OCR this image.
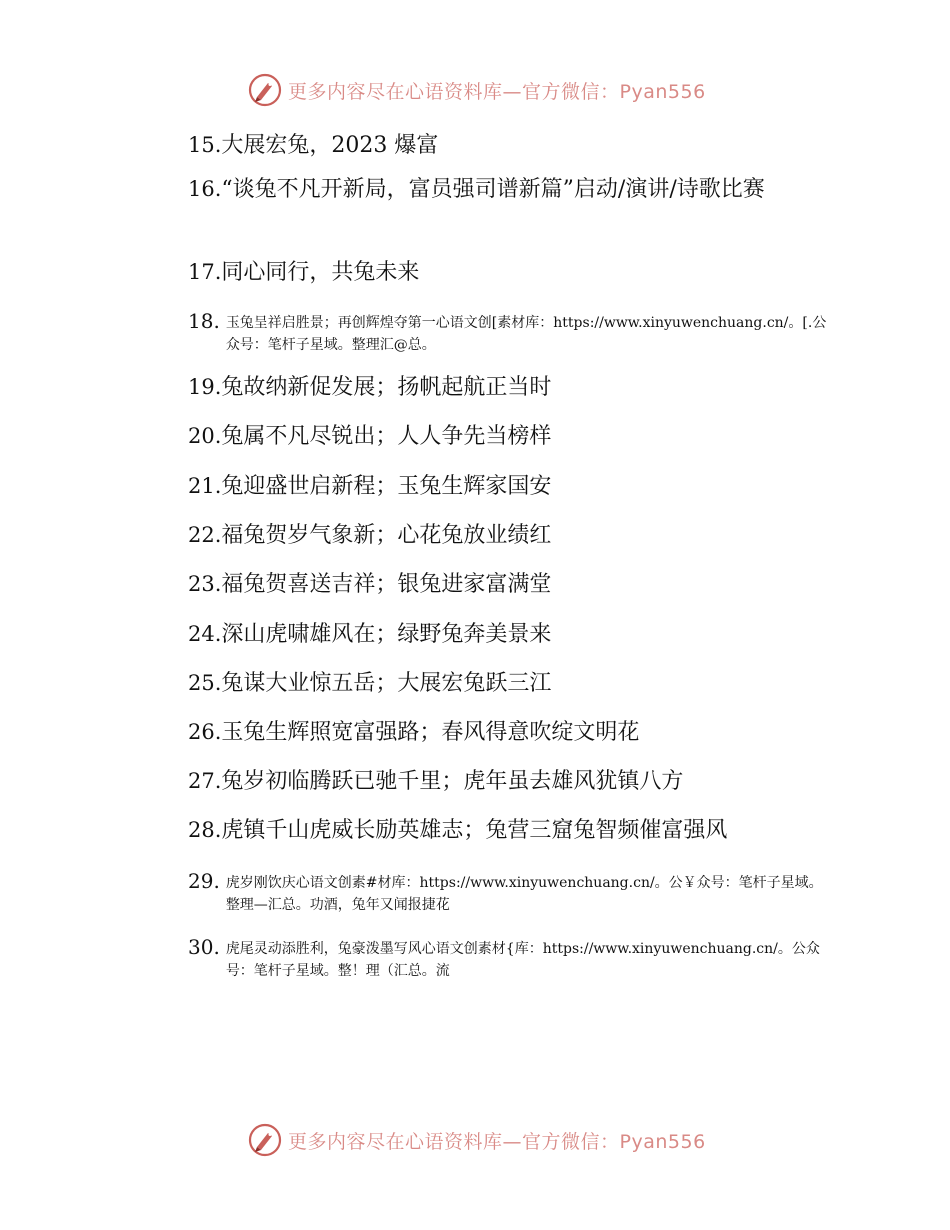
更多内容尽在心语资料库—官方微信：Pyan556
15. 大展宏兔，2023 爆富
16.“谈兔不凡开新局，富员强司谱新篇”启动/演讲/诗歌比赛
17. 同心同行，共兔未来
18. 玉兔呈祥启胜景；再创辉煌夺第一心语文创[素材库：https://www.xinyuwenchuang.cn/。[.公众号：笔杆子星域。整理汇@总。
19. 兔故纳新促发展；扬帆起航正当时
20. 兔属不凡尽锐出；人人争先当榜样
21. 兔迎盛世启新程；玉兔生辉家国安
22. 福兔贺岁气象新；心花兔放业绩红
23. 福兔贺喜送吉祥；银兔进家富满堂
24. 深山虎啸雄风在；绿野兔奔美景来
25. 兔谋大业惊五岳；大展宏兔跃三江
26. 玉兔生辉照宽富强路；春风得意吹绽文明花
27. 兔岁初临腾跃已驰千里；虎年虽去雄风犹镇八方
28. 虎镇千山虎威长励英雄志；兔营三窟兔智频催富强风
29. 虎岁刚饮庆心语文创素#材库：https://www.xinyuwenchuang.cn/。公￥众号：笔杆子星域。整理—汇总。功酒，兔年又闻报捷花
30. 虎尾灵动添胜利，兔豪泼墨写风心语文创素材{库：https://www.xinyuwenchuang.cn/。公众号：笔杆子星域。整！理（汇总。流
更多内容尽在心语资料库—官方微信：Pyan556
